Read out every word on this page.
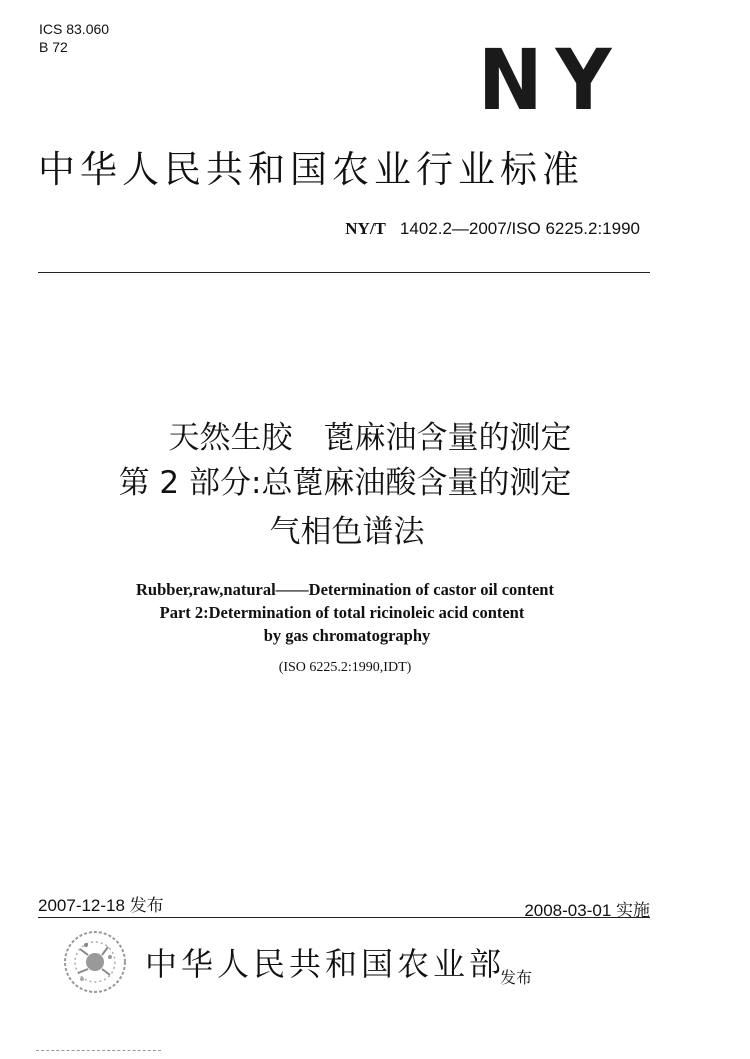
ICS 83.060
B 72	NY
中华人民共和国农业行业标准
NY/T 1402.2—2007/ISO 6225.2:1990
天然生胶　蓖麻油含量的测定
第 2 部分:总蓖麻油酸含量的测定
气相色谱法
Rubber,raw,natural——Determination of castor oil content
Part 2:Determination of total ricinoleic acid content
by gas chromatography
(ISO 6225.2:1990,IDT)
2007-12-18 发布	2008-03-01 实施
中华人民共和国农业部
发布
